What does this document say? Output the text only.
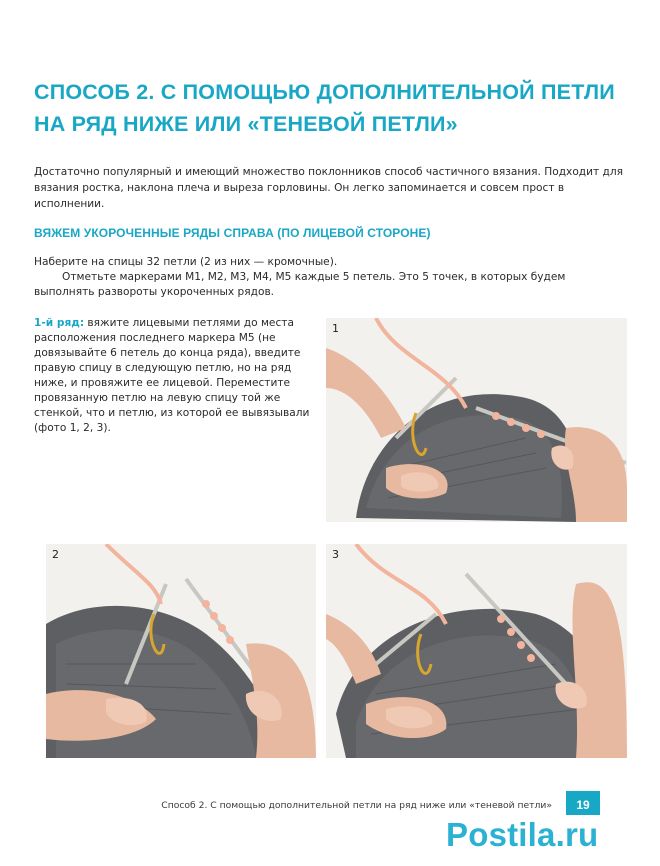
СПОСОБ 2. С ПОМОЩЬЮ ДОПОЛНИТЕЛЬНОЙ ПЕТЛИ НА РЯД НИЖЕ ИЛИ «ТЕНЕВОЙ ПЕТЛИ»
Достаточно популярный и имеющий множество поклонников способ частичного вязания. Подходит для вязания ростка, наклона плеча и выреза горловины. Он легко запоминается и совсем прост в исполнении.
ВЯЖЕМ УКОРОЧЕННЫЕ РЯДЫ СПРАВА (ПО ЛИЦЕВОЙ СТОРОНЕ)
Наберите на спицы 32 петли (2 из них — кромочные).
Отметьте маркерами М1, М2, М3, М4, М5 каждые 5 петель. Это 5 точек, в которых будем выполнять развороты укороченных рядов.
1-й ряд: вяжите лицевыми петлями до места расположения последнего маркера М5 (не довязывайте 6 петель до конца ряда), введите правую спицу в следующую петлю, но на ряд ниже, и провяжите ее лицевой. Переместите провязанную петлю на левую спицу той же стенкой, что и петлю, из которой ее вывязывали (фото 1, 2, 3).
1
2	3
Способ 2. С помощью дополнительной петли на ряд ниже или «теневой петли»	19
Postila.ru
